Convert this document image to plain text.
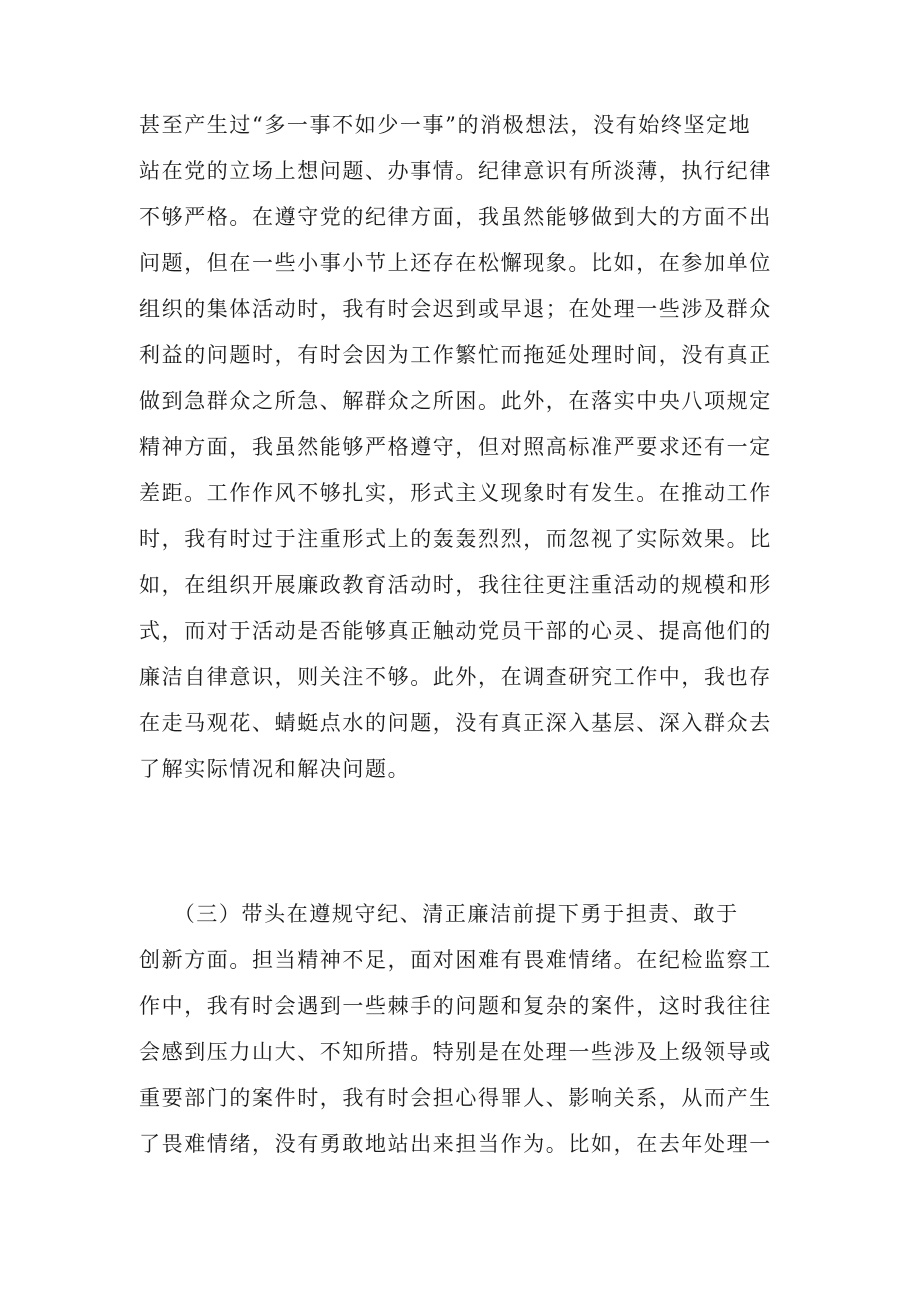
甚至产生过“多一事不如少一事”的消极想法，没有始终坚定地
站在党的立场上想问题、办事情。纪律意识有所淡薄，执行纪律
不够严格。在遵守党的纪律方面，我虽然能够做到大的方面不出
问题，但在一些小事小节上还存在松懈现象。比如，在参加单位
组织的集体活动时，我有时会迟到或早退；在处理一些涉及群众
利益的问题时，有时会因为工作繁忙而拖延处理时间，没有真正
做到急群众之所急、解群众之所困。此外，在落实中央八项规定
精神方面，我虽然能够严格遵守，但对照高标准严要求还有一定
差距。工作作风不够扎实，形式主义现象时有发生。在推动工作
时，我有时过于注重形式上的轰轰烈烈，而忽视了实际效果。比
如，在组织开展廉政教育活动时，我往往更注重活动的规模和形
式，而对于活动是否能够真正触动党员干部的心灵、提高他们的
廉洁自律意识，则关注不够。此外，在调查研究工作中，我也存
在走马观花、蜻蜓点水的问题，没有真正深入基层、深入群众去
了解实际情况和解决问题。
　　（三）带头在遵规守纪、清正廉洁前提下勇于担责、敢于
创新方面。担当精神不足，面对困难有畏难情绪。在纪检监察工
作中，我有时会遇到一些棘手的问题和复杂的案件，这时我往往
会感到压力山大、不知所措。特别是在处理一些涉及上级领导或
重要部门的案件时，我有时会担心得罪人、影响关系，从而产生
了畏难情绪，没有勇敢地站出来担当作为。比如，在去年处理一
